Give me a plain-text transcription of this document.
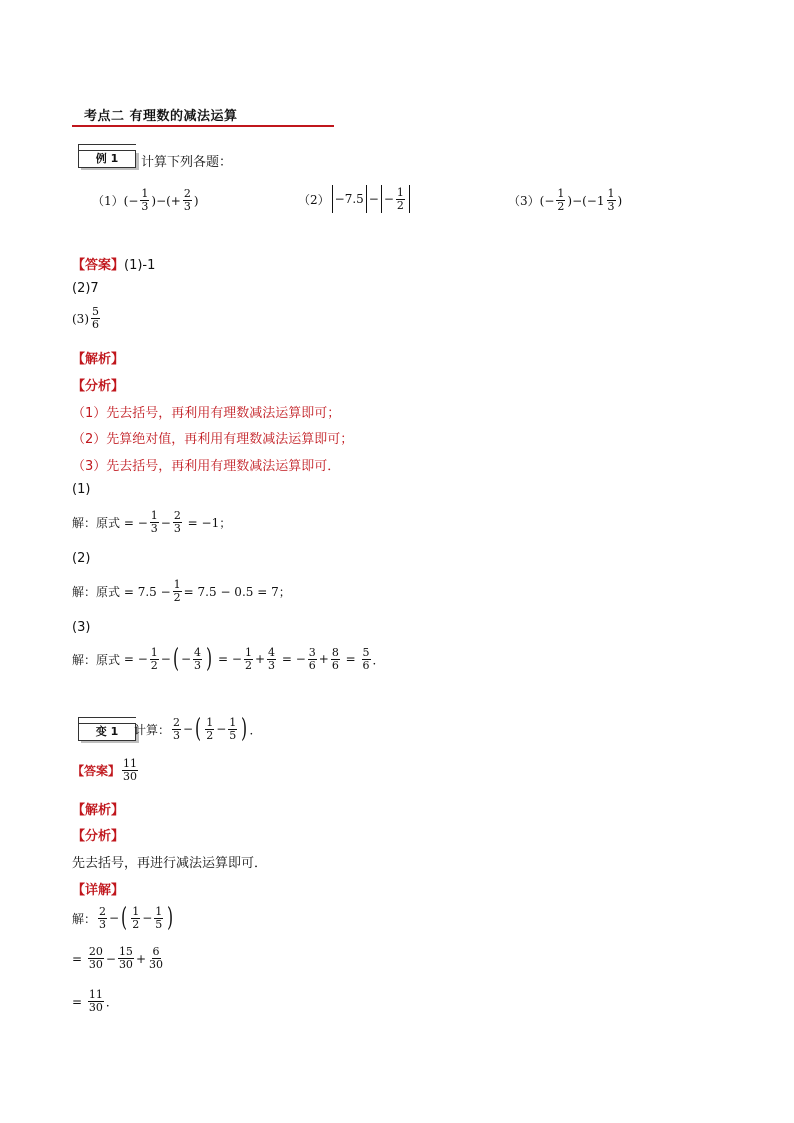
考点二 有理数的减法运算
例 1	计算下列各题：
（1） (− $\frac{1}{3}$ )−(+ $\frac{2}{3}$ )	（2） −7.5 − − $\frac{1}{2}$	（3） (− $\frac{1}{2} )-(-1 \frac{1}{3}$ )
【答案】(1)-1
(2)7
$(3) \frac{5}{6}$
【解析】
【分析】
（1）先去括号，再利用有理数减法运算即可；
（2）先算绝对值，再利用有理数减法运算即可；
（3）先去括号，再利用有理数减法运算即可．
(1)
解：原式 = − $\frac{1}{3} - \frac{2}{3}$
= −1；
(2)
解：原式
= $7.5 - \frac{1}{2} = 7.5 - 0.5 = 7$；
(3)
解：原式 = − $\frac{1}{2}$ − ( − $\frac{4}{3}$ ) = − $\frac{1}{2} + \frac{4}{3}$ = − $\frac{3}{6} + \frac{8}{6} = \frac{5}{6}$ ．
变 1	计算： $\frac{2}{3}$ − ( $\frac{1}{2} - \frac{1}{5}$ ) ．
【答案】 $\frac{11}{30}$
【解析】
【分析】
先去括号，再进行减法运算即可．
【详解】
解： $\frac{2}{3}$ − ( $\frac{1}{2} - \frac{1}{5}$ )
= $\frac{20}{30} - \frac{15}{30} + \frac{6}{30}$
= $\frac{11}{30}$ ．
